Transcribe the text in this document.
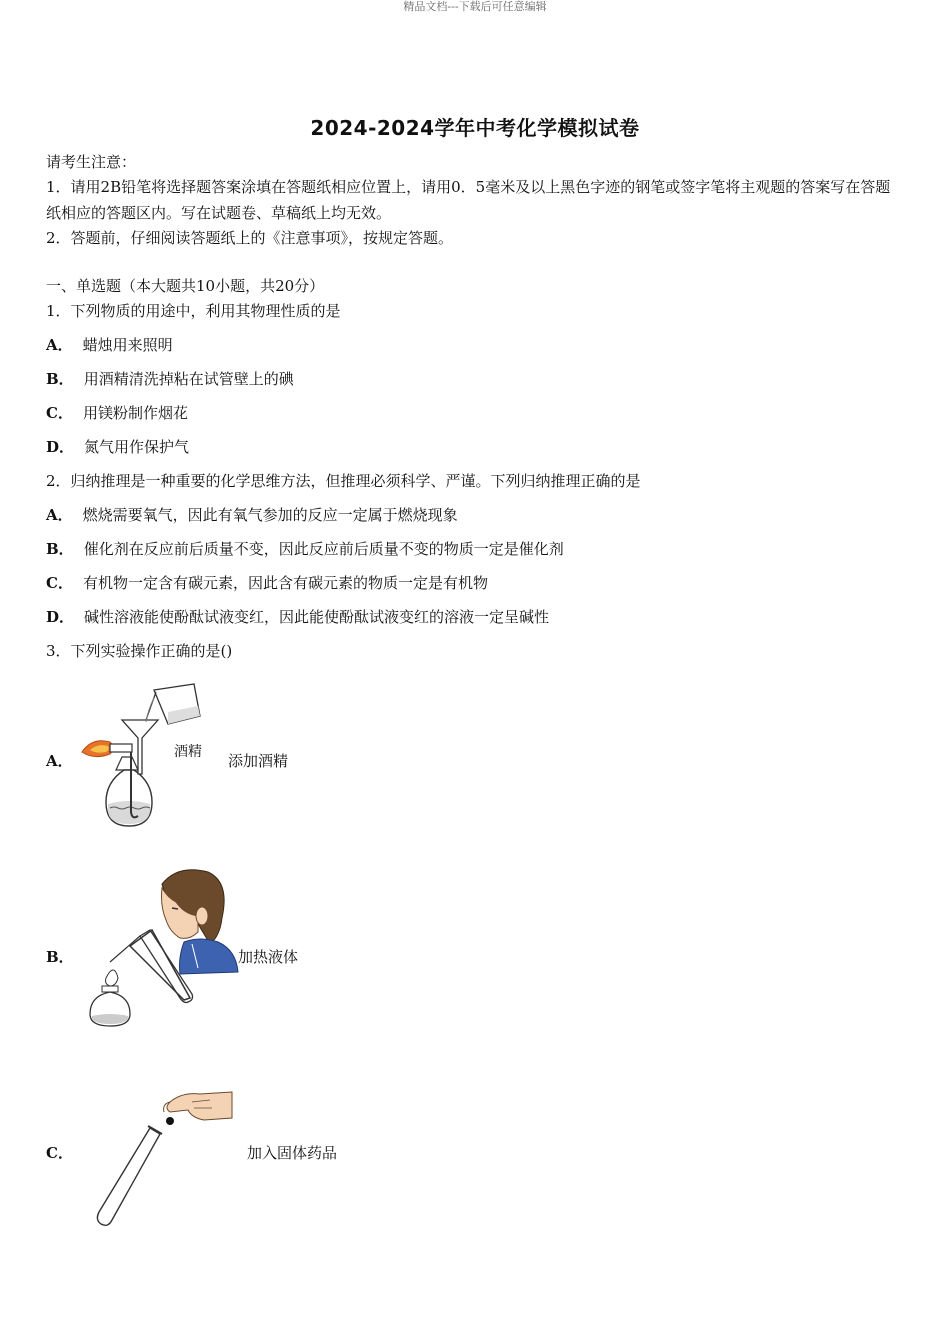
精品文档---下载后可任意编辑
2024-2024学年中考化学模拟试卷
请考生注意：
1．请用2B铅笔将选择题答案涂填在答题纸相应位置上，请用0．5毫米及以上黑色字迹的钢笔或签字笔将主观题的答案写在答题纸相应的答题区内。写在试题卷、草稿纸上均无效。
2．答题前，仔细阅读答题纸上的《注意事项》，按规定答题。
一、单选题（本大题共10小题，共20分）
1．下列物质的用途中，利用其物理性质的是
A． 蜡烛用来照明
B． 用酒精清洗掉粘在试管壁上的碘
C． 用镁粉制作烟花
D． 氮气用作保护气
2．归纳推理是一种重要的化学思维方法，但推理必须科学、严谨。下列归纳推理正确的是
A． 燃烧需要氧气，因此有氧气参加的反应一定属于燃烧现象
B． 催化剂在反应前后质量不变，因此反应前后质量不变的物质一定是催化剂
C． 有机物一定含有碳元素，因此含有碳元素的物质一定是有机物
D． 碱性溶液能使酚酞试液变红，因此能使酚酞试液变红的溶液一定呈碱性
3．下列实验操作正确的是()
A．	酒精 添加酒精
B．	加热液体
C．	加入固体药品
